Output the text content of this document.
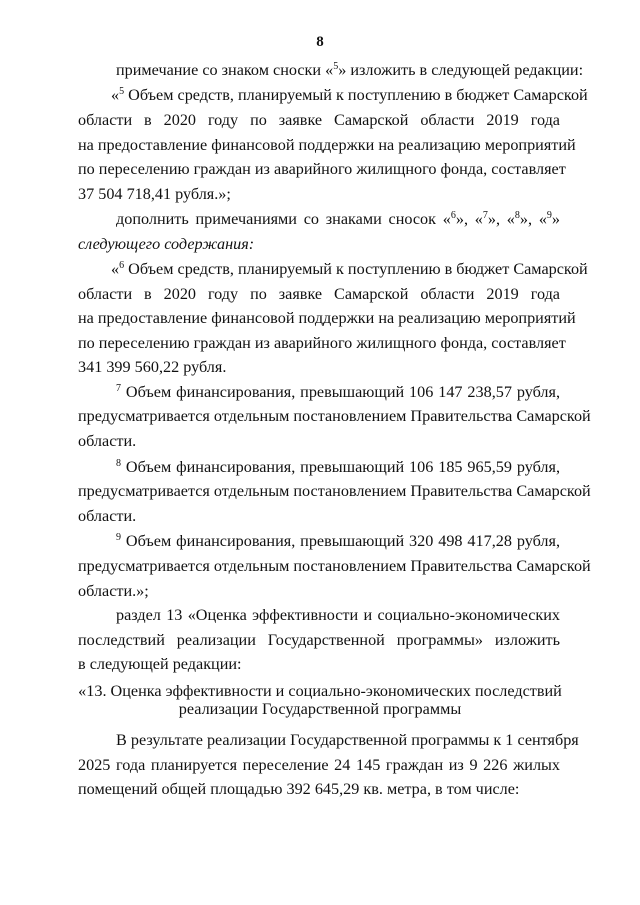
8
примечание со знаком сноски «$^5$» изложить в следующей редакции:
«$^5$ Объем средств, планируемый к поступлению в бюджет Самарской
области в 2020 году по заявке Самарской области 2019 года
на предоставление финансовой поддержки на реализацию мероприятий
по переселению граждан из аварийного жилищного фонда, составляет
37 504 718,41 рубля.»;
дополнить примечаниями со знаками сносок «$^6$», «$^7$», «$^8$», «$^9$»
следующего содержания:
«$^6$ Объем средств, планируемый к поступлению в бюджет Самарской
области в 2020 году по заявке Самарской области 2019 года
на предоставление финансовой поддержки на реализацию мероприятий
по переселению граждан из аварийного жилищного фонда, составляет
341 399 560,22 рубля.
$^7$ Объем финансирования, превышающий 106 147 238,57 рубля,
предусматривается отдельным постановлением Правительства Самарской
области.
$^8$ Объем финансирования, превышающий 106 185 965,59 рубля,
предусматривается отдельным постановлением Правительства Самарской
области.
$^9$ Объем финансирования, превышающий 320 498 417,28 рубля,
предусматривается отдельным постановлением Правительства Самарской
области.»;
раздел 13 «Оценка эффективности и социально-экономических
последствий реализации Государственной программы» изложить
в следующей редакции:
«13. Оценка эффективности и социально-экономических последствий
реализации Государственной программы
В результате реализации Государственной программы к 1 сентября
2025 года планируется переселение 24 145 граждан из 9 226 жилых
помещений общей площадью 392 645,29 кв. метра, в том числе:
